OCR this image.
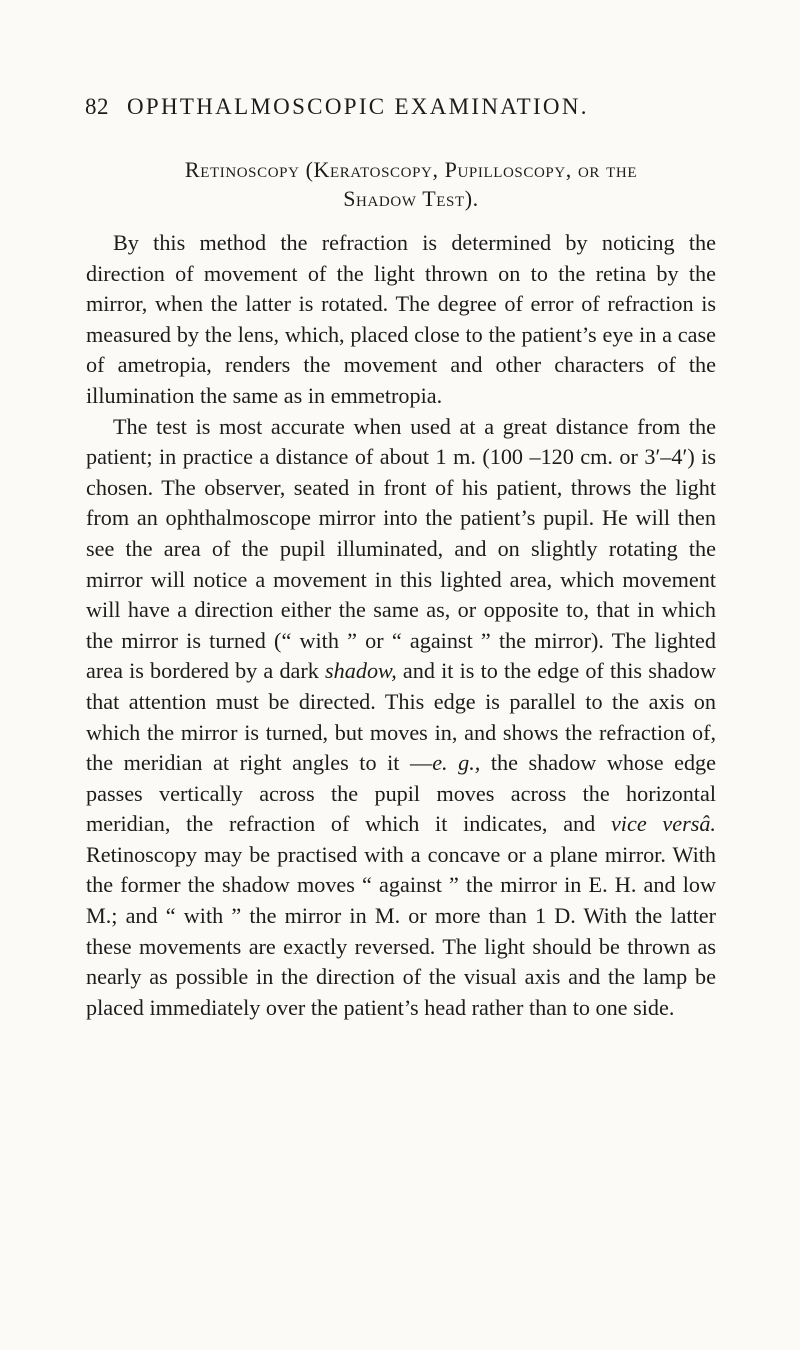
82 OPHTHALMOSCOPIC EXAMINATION.
Retinoscopy (Keratoscopy, Pupilloscopy, or the
Shadow Test).

By this method the refraction is determined by noticing the direction of movement of the light thrown on to the retina by the mirror, when the latter is rotated. The degree of error of refraction is measured by the lens, which, placed close to the patient’s eye in a case of ametropia, renders the movement and other characters of the illumination the same as in emmetropia.

The test is most accurate when used at a great distance from the patient; in practice a distance of about 1 m. (100 –120 cm. or 3′–4′) is chosen. The observer, seated in front of his patient, throws the light from an ophthalmoscope mirror into the patient’s pupil. He will then see the area of the pupil illuminated, and on slightly rotating the mirror will notice a movement in this lighted area, which movement will have a direction either the same as, or opposite to, that in which the mirror is turned (“ with ” or “ against ” the mirror). The lighted area is bordered by a dark shadow, and it is to the edge of this shadow that attention must be directed. This edge is parallel to the axis on which the mirror is turned, but moves in, and shows the refraction of, the meridian at right angles to it —e. g., the shadow whose edge passes vertically across the pupil moves across the horizontal meridian, the refraction of which it indicates, and vice versâ. Retinoscopy may be practised with a concave or a plane mirror. With the former the shadow moves “ against ” the mirror in E. H. and low M.; and “ with ” the mirror in M. or more than 1 D. With the latter these movements are exactly reversed. The light should be thrown as nearly as possible in the direction of the visual axis and the lamp be placed immediately over the patient’s head rather than to one side.
